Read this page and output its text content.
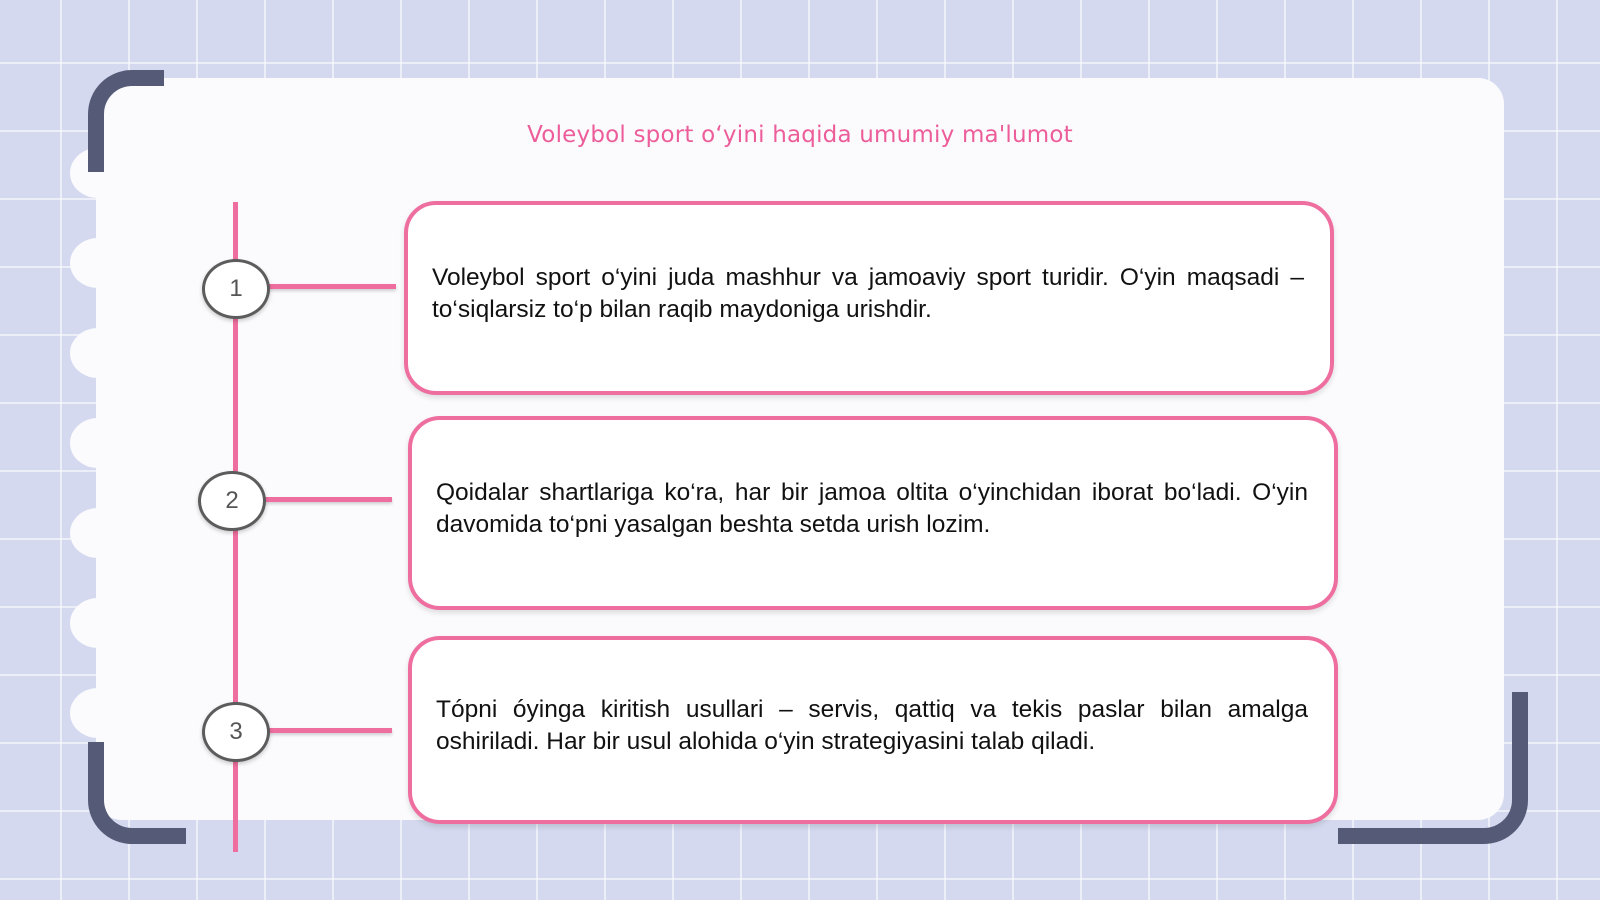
Voleybol sport o‘yini haqida umumiy ma'lumot
1
2
3

Voleybol sport o‘yini juda mashhur va jamoaviy sport turidir. O‘yin maqsadi – to‘siqlarsiz to‘p bilan raqib maydoniga urishdir.

Qoidalar shartlariga ko‘ra, har bir jamoa oltita o‘yinchidan iborat bo‘ladi. O‘yin davomida to‘pni yasalgan beshta setda urish lozim.

Tópni óyinga kiritish usullari – servis, qattiq va tekis paslar bilan amalga oshiriladi. Har bir usul alohida o‘yin strategiyasini talab qiladi.
